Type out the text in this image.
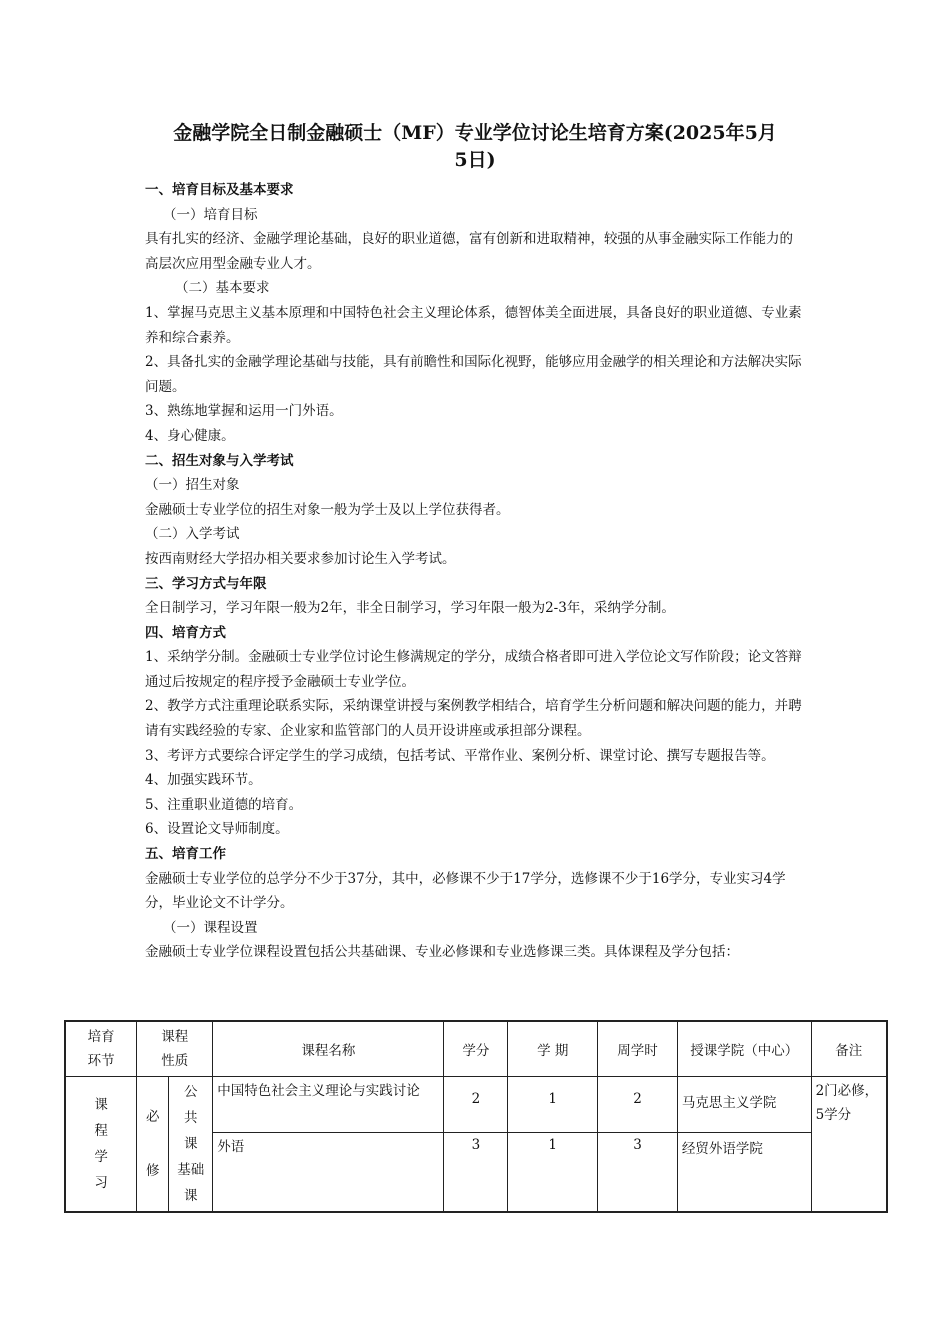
金融学院全日制金融硕士（MF）专业学位讨论生培育方案(2025年5月
5日)

一、培育目标及基本要求

（一）培育目标

具有扎实的经济、金融学理论基础，良好的职业道德，富有创新和进取精神，较强的从事金融实际工作能力的高层次应用型金融专业人才。

（二）基本要求

1、掌握马克思主义基本原理和中国特色社会主义理论体系，德智体美全面进展，具备良好的职业道德、专业素养和综合素养。

2、具备扎实的金融学理论基础与技能，具有前瞻性和国际化视野，能够应用金融学的相关理论和方法解决实际问题。

3、熟练地掌握和运用一门外语。

4、身心健康。

二、招生对象与入学考试

（一）招生对象

金融硕士专业学位的招生对象一般为学士及以上学位获得者。

（二）入学考试

按西南财经大学招办相关要求参加讨论生入学考试。

三、学习方式与年限

全日制学习，学习年限一般为2年，非全日制学习，学习年限一般为2-3年，采纳学分制。

四、培育方式

1、采纳学分制。金融硕士专业学位讨论生修满规定的学分，成绩合格者即可进入学位论文写作阶段；论文答辩通过后按规定的程序授予金融硕士专业学位。

2、教学方式注重理论联系实际，采纳课堂讲授与案例教学相结合，培育学生分析问题和解决问题的能力，并聘请有实践经验的专家、企业家和监管部门的人员开设讲座或承担部分课程。

3、考评方式要综合评定学生的学习成绩，包括考试、平常作业、案例分析、课堂讨论、撰写专题报告等。

4、加强实践环节。

5、注重职业道德的培育。

6、设置论文导师制度。

五、培育工作

金融硕士专业学位的总学分不少于37分，其中，必修课不少于17学分，选修课不少于16学分，专业实习4学分，毕业论文不计学分。

（一）课程设置

金融硕士专业学位课程设置包括公共基础课、专业必修课和专业选修课三类。具体课程及学分包括：

培育
环节	课程
性质		课程名称	学分	学 期	周学时	授课学院（中心）	备注

课
程
学
习	必
修	公
共
课
基础
课	中国特色社会主义理论与实践讨论	2	1	2	马克思主义学院	2门必修，5学分
			外语	3	1	3	经贸外语学院	
